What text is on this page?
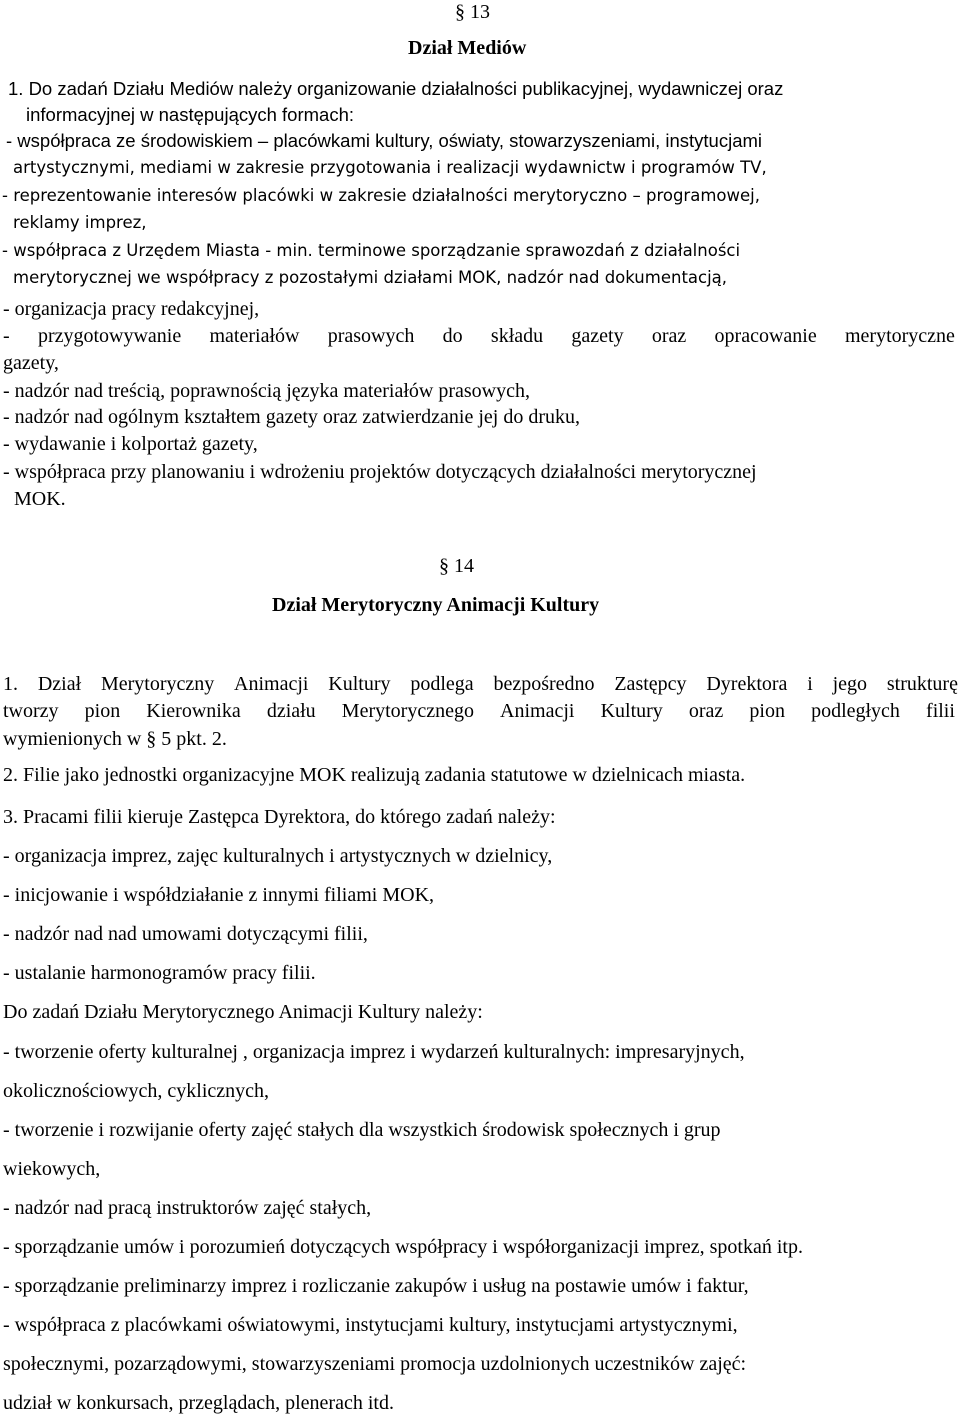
§ 13
Dział Mediów
1. Do zadań Działu Mediów należy organizowanie działalności publikacyjnej, wydawniczej oraz
informacyjnej w następujących formach:
- współpraca ze środowiskiem – placówkami kultury, oświaty, stowarzyszeniami, instytucjami
artystycznymi, mediami w zakresie przygotowania i realizacji wydawnictw i programów TV,
- reprezentowanie interesów placówki w zakresie działalności merytoryczno – programowej,
reklamy imprez,
- współpraca z Urzędem Miasta - min. terminowe sporządzanie sprawozdań z działalności
merytorycznej we współpracy z pozostałymi działami MOK, nadzór nad dokumentacją,
- organizacja pracy redakcyjnej,
- przygotowywanie materiałów prasowych do składu gazety oraz opracowanie merytoryczne
gazety,
- nadzór nad treścią, poprawnością języka materiałów prasowych,
- nadzór nad ogólnym kształtem gazety oraz zatwierdzanie jej do druku,
- wydawanie i kolportaż gazety,
- współpraca przy planowaniu i wdrożeniu projektów dotyczących działalności merytorycznej
MOK.
§ 14
Dział Merytoryczny Animacji Kultury
1. Dział Merytoryczny Animacji Kultury podlega bezpośredno Zastępcy Dyrektora i jego strukturę
tworzy pion Kierownika działu Merytorycznego Animacji Kultury oraz pion podległych filii
wymienionych w § 5 pkt. 2.
2. Filie jako jednostki organizacyjne MOK realizują zadania statutowe w dzielnicach miasta.
3. Pracami filii kieruje Zastępca Dyrektora, do którego zadań należy:
- organizacja imprez, zajęc kulturalnych i artystycznych w dzielnicy,
- inicjowanie i współdziałanie z innymi filiami MOK,
- nadzór nad nad umowami dotyczącymi filii,
- ustalanie harmonogramów pracy filii.
Do zadań Działu Merytorycznego Animacji Kultury należy:
- tworzenie oferty kulturalnej , organizacja imprez i wydarzeń kulturalnych: impresaryjnych,
okolicznościowych, cyklicznych,
- tworzenie i rozwijanie oferty zajęć stałych dla wszystkich środowisk społecznych i grup
wiekowych,
- nadzór nad pracą instruktorów zajęć stałych,
- sporządzanie umów i porozumień dotyczących współpracy i współorganizacji imprez, spotkań itp.
- sporządzanie preliminarzy imprez i rozliczanie zakupów i usług na postawie umów i faktur,
- współpraca z placówkami oświatowymi, instytucjami kultury, instytucjami artystycznymi,
społecznymi, pozarządowymi, stowarzyszeniami promocja uzdolnionych uczestników zajęć:
udział w konkursach, przeglądach, plenerach itd.
